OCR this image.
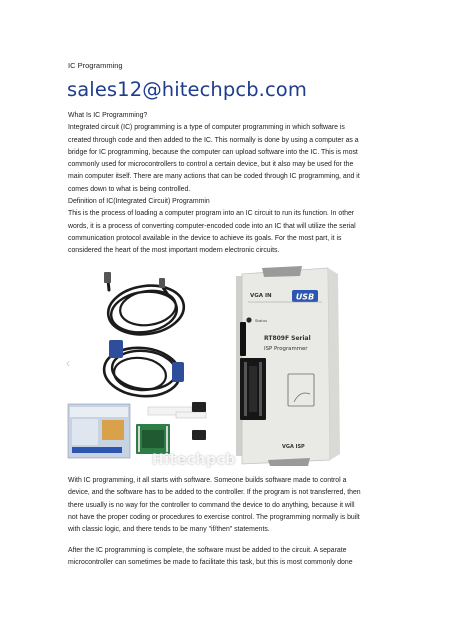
IC Programming
sales12@hitechpcb.com
What Is IC Programming?
Integrated circuit (IC) programming is a type of computer programming in which software is
created through code and then added to the IC. This normally is done by using a computer as a
bridge for IC programming, because the computer can upload software into the IC. This is most
commonly used for microcontrollers to control a certain device, but it also may be used for the
main computer itself. There are many actions that can be coded through IC programming, and it
comes down to what is being controlled.
Definition of IC(Integrated Circuit) Programmin
This is the process of loading a computer program into an IC circuit to run its function. In other
words, it is a process of converting computer-encoded code into an IC that will utilize the serial
communication protocol available in the device to achieve its goals. For the most part, it is
considered the heart of the most important modern electronic circuits.
USB
VGA IN
Status
RT809F Serial
ISP Programmer
VGA ISP
‹
Hitechpcb
With IC programming, it all starts with software. Someone builds software made to control a
device, and the software has to be added to the controller. If the program is not transferred, then
there usually is no way for the controller to command the device to do anything, because it will
not have the proper coding or procedures to exercise control. The programming normally is built
with classic logic, and there tends to be many "if/then" statements.
After the IC programming is complete, the software must be added to the circuit. A separate
microcontroller can sometimes be made to facilitate this task, but this is most commonly done
